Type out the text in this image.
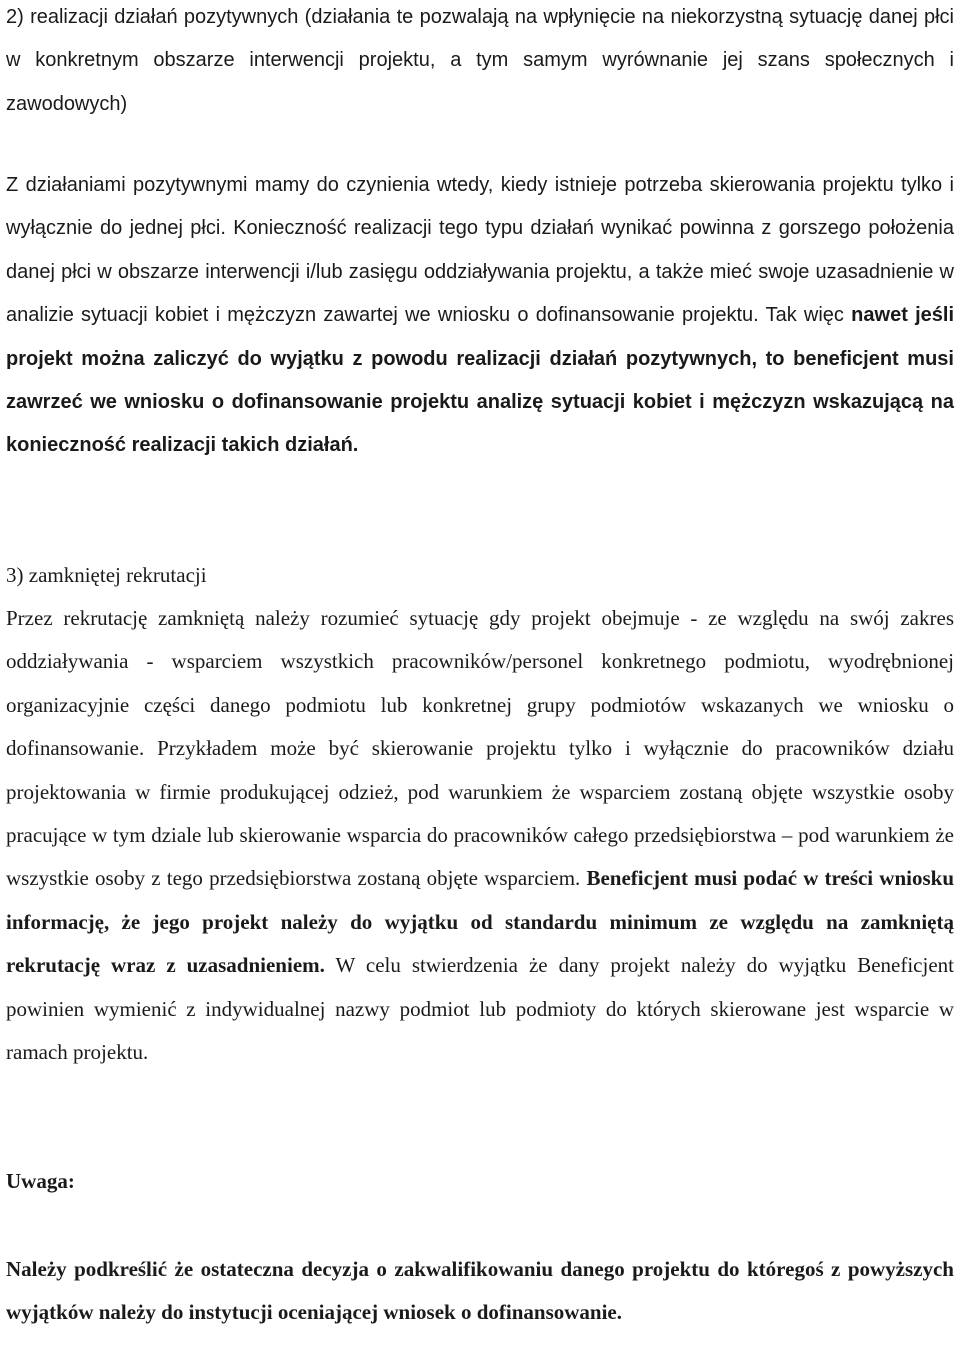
2) realizacji działań pozytywnych (działania te pozwalają na wpłynięcie na niekorzystną sytuację danej płci w konkretnym obszarze interwencji projektu, a tym samym wyrównanie jej szans społecznych i zawodowych)

Z działaniami pozytywnymi mamy do czynienia wtedy, kiedy istnieje potrzeba skierowania projektu tylko i wyłącznie do jednej płci. Konieczność realizacji tego typu działań wynikać powinna z gorszego położenia danej płci w obszarze interwencji i/lub zasięgu oddziaływania projektu, a także mieć swoje uzasadnienie w analizie sytuacji kobiet i mężczyzn zawartej we wniosku o dofinansowanie projektu. Tak więc nawet jeśli projekt można zaliczyć do wyjątku z powodu realizacji działań pozytywnych, to beneficjent musi zawrzeć we wniosku o dofinansowanie projektu analizę sytuacji kobiet i mężczyzn wskazującą na konieczność realizacji takich działań.

3) zamkniętej rekrutacji

Przez rekrutację zamkniętą należy rozumieć sytuację gdy projekt obejmuje - ze względu na swój zakres oddziaływania - wsparciem wszystkich pracowników/personel konkretnego podmiotu, wyodrębnionej organizacyjnie części danego podmiotu lub konkretnej grupy podmiotów wskazanych we wniosku o dofinansowanie. Przykładem może być skierowanie projektu tylko i wyłącznie do pracowników działu projektowania w firmie produkującej odzież, pod warunkiem że wsparciem zostaną objęte wszystkie osoby pracujące w tym dziale lub skierowanie wsparcia do pracowników całego przedsiębiorstwa – pod warunkiem że wszystkie osoby z tego przedsiębiorstwa zostaną objęte wsparciem. Beneficjent musi podać w treści wniosku informację, że jego projekt należy do wyjątku od standardu minimum ze względu na zamkniętą rekrutację wraz z uzasadnieniem. W celu stwierdzenia że dany projekt należy do wyjątku Beneficjent powinien wymienić z indywidualnej nazwy podmiot lub podmioty do których skierowane jest wsparcie w ramach projektu.

Uwaga:

Należy podkreślić że ostateczna decyzja o zakwalifikowaniu danego projektu do któregoś z powyższych wyjątków należy do instytucji oceniającej wniosek o dofinansowanie.
